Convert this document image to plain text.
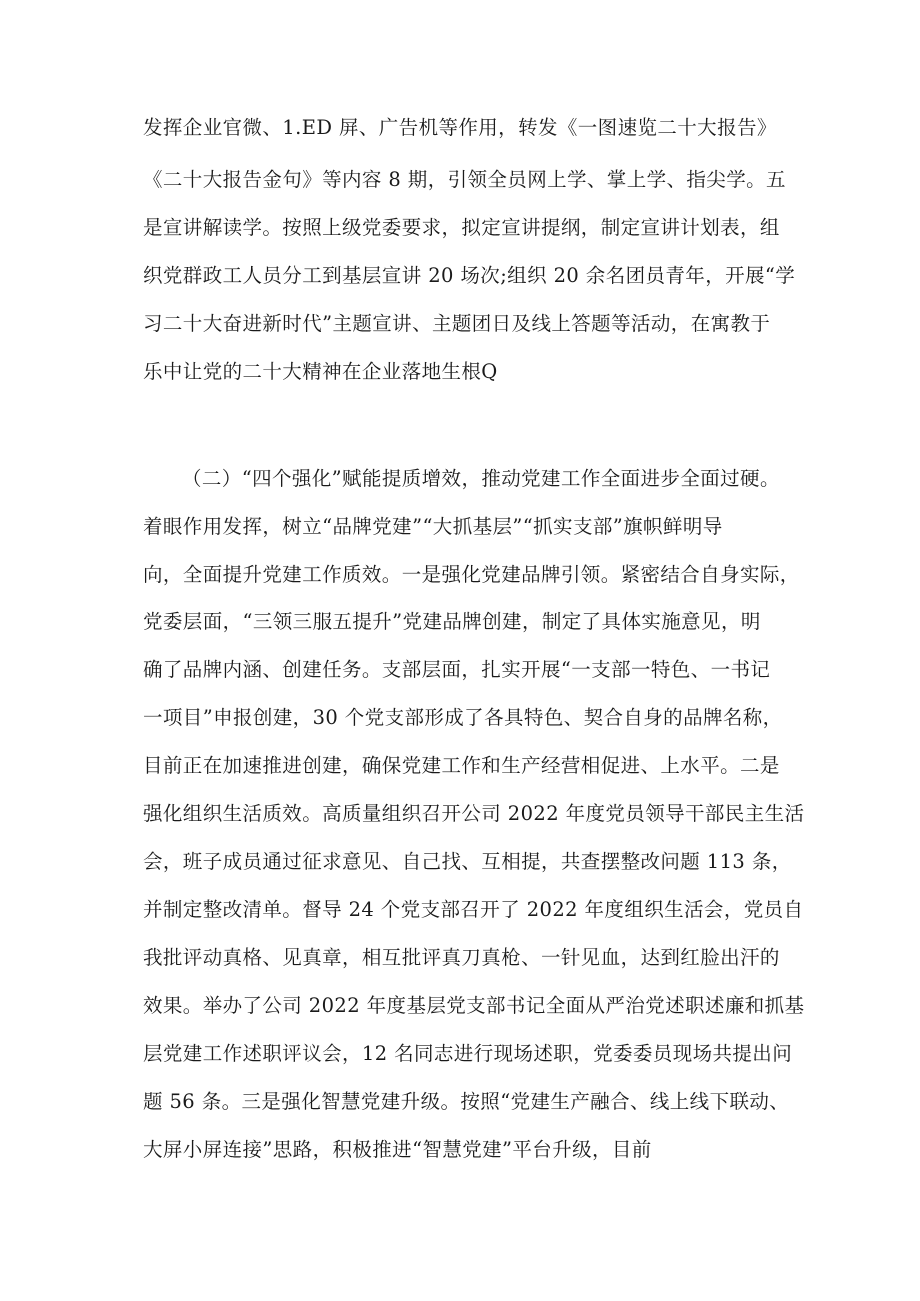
发挥企业官微、1.ED 屏、广告机等作用，转发《一图速览二十大报告》
《二十大报告金句》等内容 8 期，引领全员网上学、掌上学、指尖学。五
是宣讲解读学。按照上级党委要求，拟定宣讲提纲，制定宣讲计划表，组
织党群政工人员分工到基层宣讲 20 场次;组织 20 余名团员青年，开展“学
习二十大奋进新时代”主题宣讲、主题团日及线上答题等活动，在寓教于
乐中让党的二十大精神在企业落地生根Q
（二）“四个强化”赋能提质增效，推动党建工作全面进步全面过硬。
着眼作用发挥，树立“品牌党建”“大抓基层”“抓实支部”旗帜鲜明导
向，全面提升党建工作质效。一是强化党建品牌引领。紧密结合自身实际，
党委层面，“三领三服五提升”党建品牌创建，制定了具体实施意见，明
确了品牌内涵、创建任务。支部层面，扎实开展“一支部一特色、一书记
一项目”申报创建，30 个党支部形成了各具特色、契合自身的品牌名称，
目前正在加速推进创建，确保党建工作和生产经营相促进、上水平。二是
强化组织生活质效。高质量组织召开公司 2022 年度党员领导干部民主生活
会，班子成员通过征求意见、自己找、互相提，共查摆整改问题 113 条，
并制定整改清单。督导 24 个党支部召开了 2022 年度组织生活会，党员自
我批评动真格、见真章，相互批评真刀真枪、一针见血，达到红脸出汗的
效果。举办了公司 2022 年度基层党支部书记全面从严治党述职述廉和抓基
层党建工作述职评议会，12 名同志进行现场述职，党委委员现场共提出问
题 56 条。三是强化智慧党建升级。按照“党建生产融合、线上线下联动、
大屏小屏连接”思路，积极推进“智慧党建”平台升级，目前
